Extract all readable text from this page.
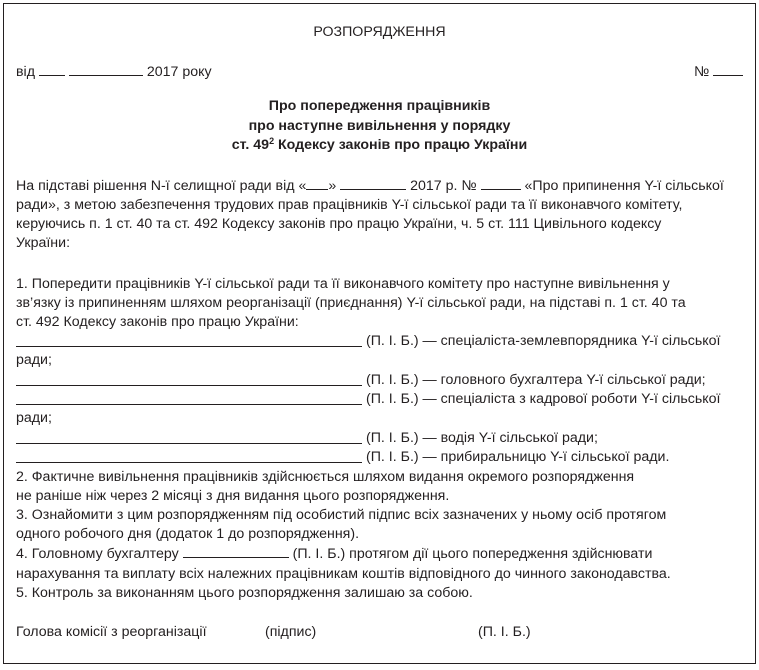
РОЗПОРЯДЖЕННЯ
від	2017 року	№
Про попередження працівників
про наступне вивільнення у порядку
ст. $49^2$ Кодексу законів про працю України
На підставі рішення N-ї селищної ради від « »	2017 р. №	«Про припинення Y-ї сільської
ради», з метою забезпечення трудових прав працівників Y-ї сільської ради та її виконавчого комітету,
керуючись п. 1 ст. 40 та ст. 492 Кодексу законів про працю України, ч. 5 ст. 111 Цивільного кодексу
України:
1. Попередити працівників Y-ї сільської ради та її виконавчого комітету про наступне вивільнення у
зв’язку із припиненням шляхом реорганізації (приєднання) Y-ї сільської ради, на підставі п. 1 ст. 40 та
ст. 492 Кодексу законів про працю України:
(П. І. Б.) — спеціаліста-землевпорядника Y-ї сільської
ради;
(П. І. Б.) — головного бухгалтера Y-ї сільської ради;
(П. І. Б.) — спеціаліста з кадрової роботи Y-ї сільської
ради;
(П. І. Б.) — водія Y-ї сільської ради;
(П. І. Б.) — прибиральницю Y-ї сільської ради.
2. Фактичне вивільнення працівників здійснюється шляхом видання окремого розпорядження
не раніше ніж через 2 місяці з дня видання цього розпорядження.
3. Ознайомити з цим розпорядженням під особистий підпис всіх зазначених у ньому осіб протягом
одного робочого дня (додаток 1 до розпорядження).
4. Головному бухгалтеру	(П. І. Б.) протягом дії цього попередження здійснювати
нарахування та виплату всіх належних працівникам коштів відповідного до чинного законодавства.
5. Контроль за виконанням цього розпорядження залишаю за собою.
Голова комісії з реорганізації	(підпис)	(П. І. Б.)
